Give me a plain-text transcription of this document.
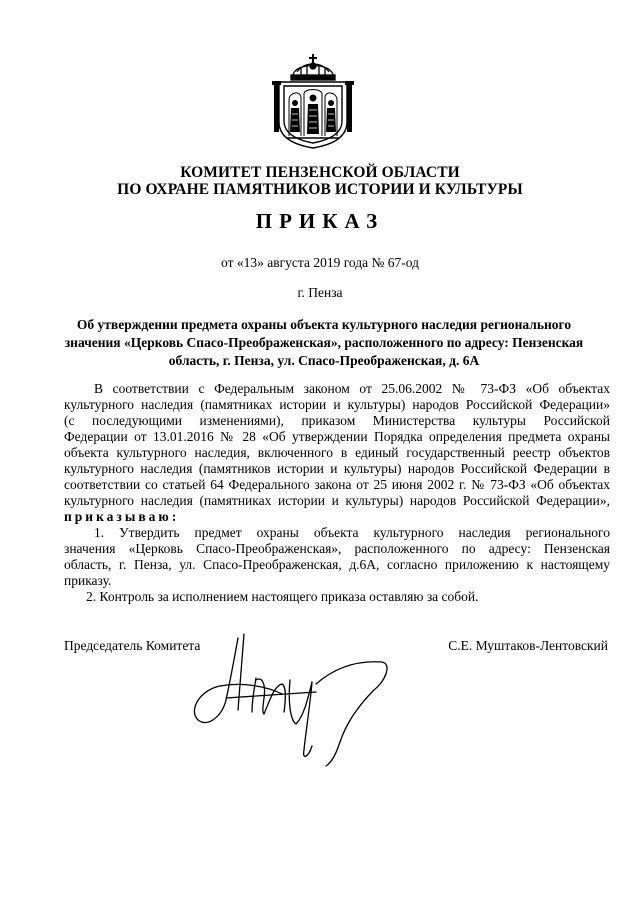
КОМИТЕТ ПЕНЗЕНСКОЙ ОБЛАСТИ
ПО ОХРАНЕ ПАМЯТНИКОВ ИСТОРИИ И КУЛЬТУРЫ
ПРИКАЗ
от «13» августа 2019 года № 67-од
г. Пенза
Об утверждении предмета охраны объекта культурного наследия регионального
значения «Церковь Спасо-Преображенская», расположенного по адресу: Пензенская
область, г. Пенза, ул. Спасо-Преображенская, д. 6А
В соответствии с Федеральным законом от 25.06.2002 № 73-ФЗ «Об объектах
культурного наследия (памятниках истории и культуры) народов Российской Федерации»
(с последующими изменениями), приказом Министерства культуры Российской
Федерации от 13.01.2016 № 28 «Об утверждении Порядка определения предмета охраны
объекта культурного наследия, включенного в единый государственный реестр объектов
культурного наследия (памятников истории и культуры) народов Российской Федерации в
соответствии со статьей 64 Федерального закона от 25 июня 2002 г. № 73-ФЗ «Об объектах
культурного наследия (памятниках истории и культуры) народов Российской Федерации»,
приказываю:
1. Утвердить предмет охраны объекта культурного наследия регионального
значения «Церковь Спасо-Преображенская», расположенного по адресу: Пензенская
область, г. Пенза, ул. Спасо-Преображенская, д.6А, согласно приложению к настоящему
приказу.
2. Контроль за исполнением настоящего приказа оставляю за собой.
Председатель Комитета	С.Е. Муштаков-Лентовский
